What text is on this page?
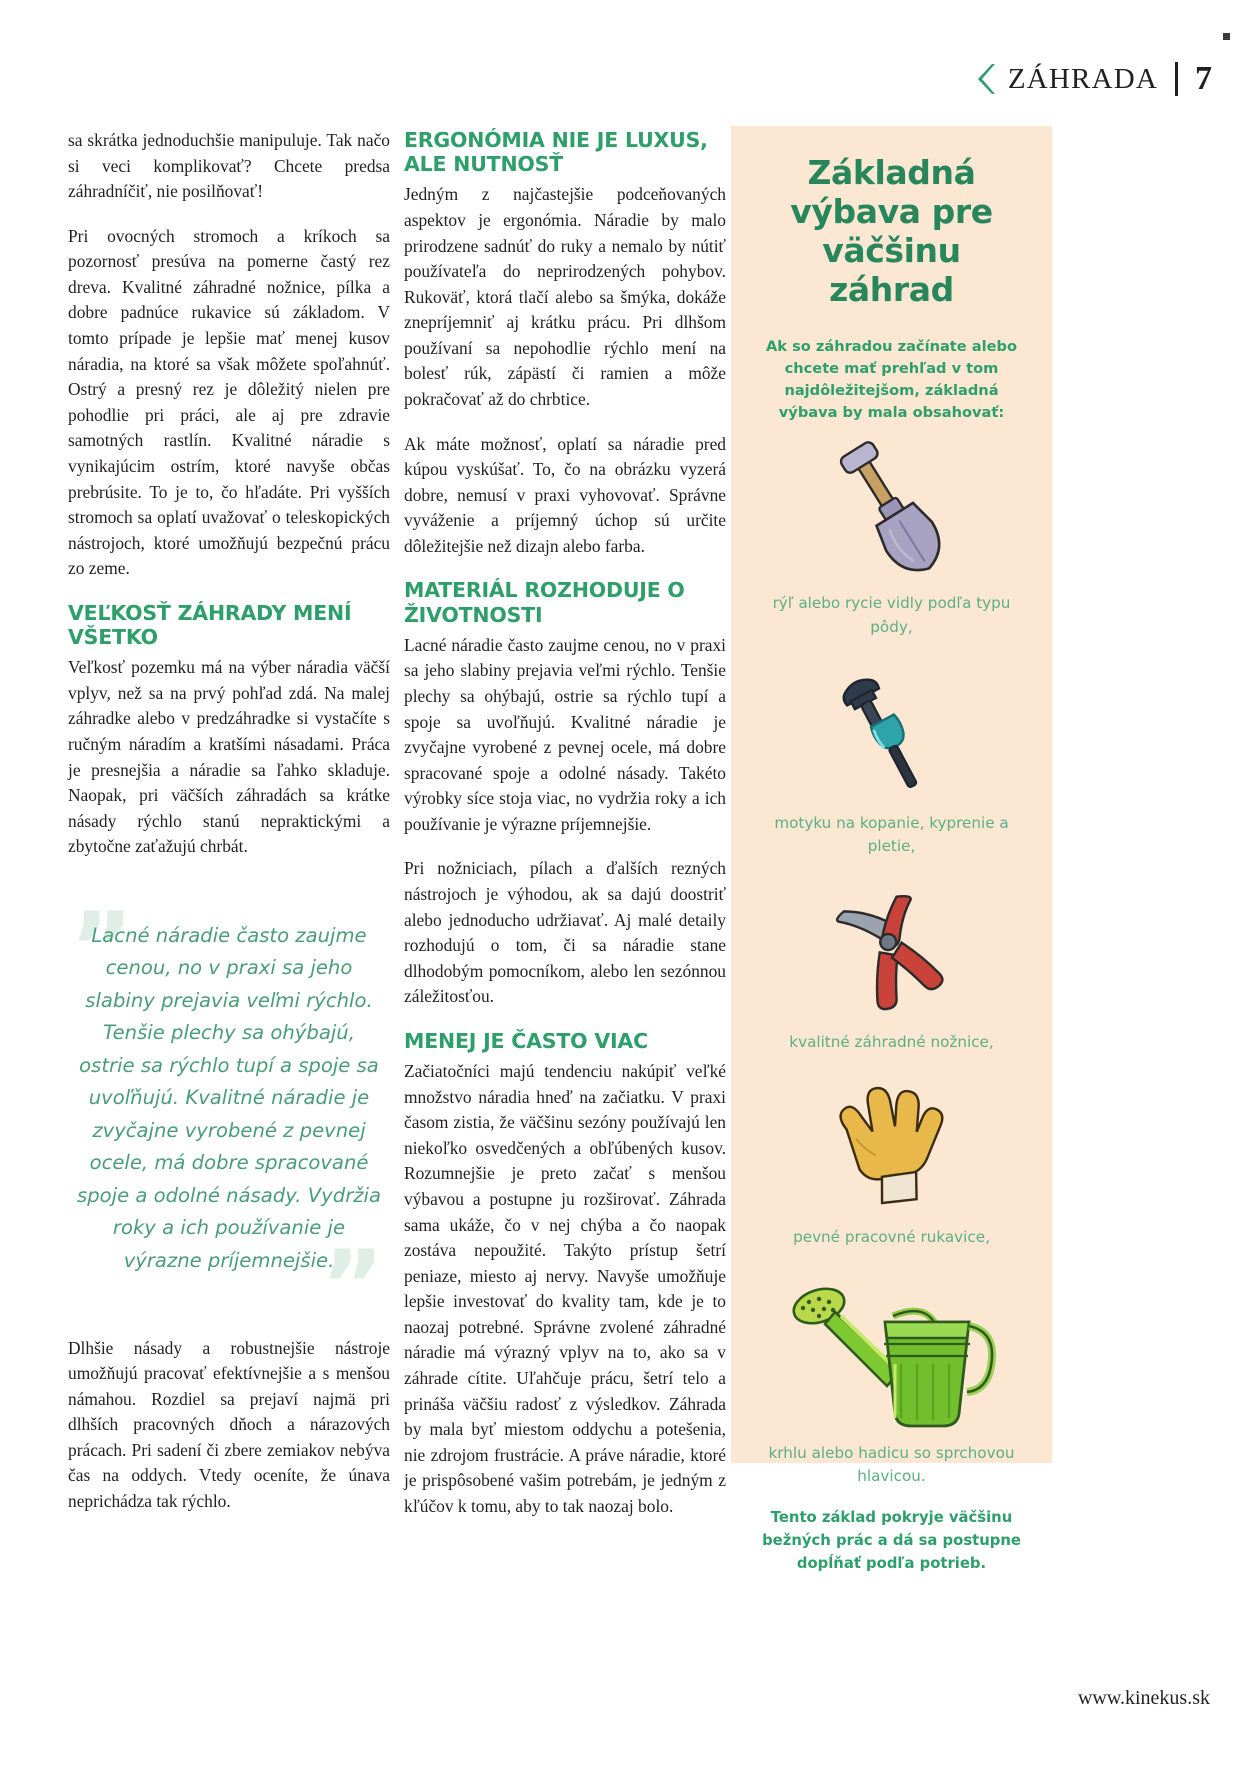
ZÁHRADA 7

sa skrátka jednoduchšie manipuluje. Tak načo si veci komplikovať? Chcete predsa záhradníčiť, nie posilňovať!

Pri ovocných stromoch a kríkoch sa pozornosť presúva na pomerne častý rez dreva. Kvalitné záhradné nožnice, pílka a dobre padnúce rukavice sú základom. V tomto prípade je lepšie mať menej kusov náradia, na ktoré sa však môžete spoľahnúť. Ostrý a presný rez je dôležitý nielen pre pohodlie pri práci, ale aj pre zdravie samotných rastlín. Kvalitné náradie s vynikajúcim ostrím, ktoré navyše občas prebrúsite. To je to, čo hľadáte. Pri vyšších stromoch sa oplatí uvažovať o teleskopických nástrojoch, ktoré umožňujú bezpečnú prácu zo zeme.

VEĽKOSŤ ZÁHRADY MENÍ VŠETKO

Veľkosť pozemku má na výber náradia väčší vplyv, než sa na prvý pohľad zdá. Na malej záhradke alebo v predzáhradke si vystačíte s ručným náradím a kratšími násadami. Práca je presnejšia a náradie sa ľahko skladuje. Naopak, pri väčších záhradách sa krátke násady rýchlo stanú nepraktickými a zbytočne zaťažujú chrbát.

”
Lacné náradie často zaujme cenou, no v praxi sa jeho slabiny prejavia veľmi rýchlo. Tenšie plechy sa ohýbajú, ostrie sa rýchlo tupí a spoje sa uvoľňujú. Kvalitné náradie je zvyčajne vyrobené z pevnej ocele, má dobre spracované spoje a odolné násady. Vydržia roky a ich používanie je výrazne príjemnejšie.
”

Dlhšie násady a robustnejšie nástroje umožňujú pracovať efektívnejšie a s menšou námahou. Rozdiel sa prejaví najmä pri dlhších pracovných dňoch a nárazových prácach. Pri sadení či zbere zemiakov nebýva čas na oddych. Vtedy oceníte, že únava neprichádza tak rýchlo.

ERGONÓMIA NIE JE LUXUS, ALE NUTNOSŤ

Jedným z najčastejšie podceňovaných aspektov je ergonómia. Náradie by malo prirodzene sadnúť do ruky a nemalo by nútiť používateľa do neprirodzených pohybov. Rukoväť, ktorá tlačí alebo sa šmýka, dokáže znepríjemniť aj krátku prácu. Pri dlhšom používaní sa nepohodlie rýchlo mení na bolesť rúk, zápästí či ramien a môže pokračovať až do chrbtice.

Ak máte možnosť, oplatí sa náradie pred kúpou vyskúšať. To, čo na obrázku vyzerá dobre, nemusí v praxi vyhovovať. Správne vyváženie a príjemný úchop sú určite dôležitejšie než dizajn alebo farba.

MATERIÁL ROZHODUJE O ŽIVOTNOSTI

Lacné náradie často zaujme cenou, no v praxi sa jeho slabiny prejavia veľmi rýchlo. Tenšie plechy sa ohýbajú, ostrie sa rýchlo tupí a spoje sa uvoľňujú. Kvalitné náradie je zvyčajne vyrobené z pevnej ocele, má dobre spracované spoje a odolné násady. Takéto výrobky síce stoja viac, no vydržia roky a ich používanie je výrazne príjemnejšie.

Pri nožniciach, pílach a ďalších rezných nástrojoch je výhodou, ak sa dajú doostriť alebo jednoducho udržiavať. Aj malé detaily rozhodujú o tom, či sa náradie stane dlhodobým pomocníkom, alebo len sezónnou záležitosťou.

MENEJ JE ČASTO VIAC

Začiatočníci majú tendenciu nakúpiť veľké množstvo náradia hneď na začiatku. V praxi časom zistia, že väčšinu sezóny používajú len niekoľko osvedčených a obľúbených kusov. Rozumnejšie je preto začať s menšou výbavou a postupne ju rozširovať. Záhrada sama ukáže, čo v nej chýba a čo naopak zostáva nepoužité. Takýto prístup šetrí peniaze, miesto aj nervy. Navyše umožňuje lepšie investovať do kvality tam, kde je to naozaj potrebné. Správne zvolené záhradné náradie má výrazný vplyv na to, ako sa v záhrade cítite. Uľahčuje prácu, šetrí telo a prináša väčšiu radosť z výsledkov. Záhrada by mala byť miestom oddychu a potešenia, nie zdrojom frustrácie. A práve náradie, ktoré je prispôsobené vašim potrebám, je jedným z kľúčov k tomu, aby to tak naozaj bolo.

Základná výbava pre väčšinu záhrad

Ak so záhradou začínate alebo chcete mať prehľad v tom najdôležitejšom, základná výbava by mala obsahovať:

rýľ alebo rycie vidly podľa typu pôdy,

motyku na kopanie, kyprenie a pletie,

kvalitné záhradné nožnice,

pevné pracovné rukavice,

krhlu alebo hadicu so sprchovou hlavicou.

Tento základ pokryje väčšinu bežných prác a dá sa postupne dopĺňať podľa potrieb.

www.kinekus.sk
